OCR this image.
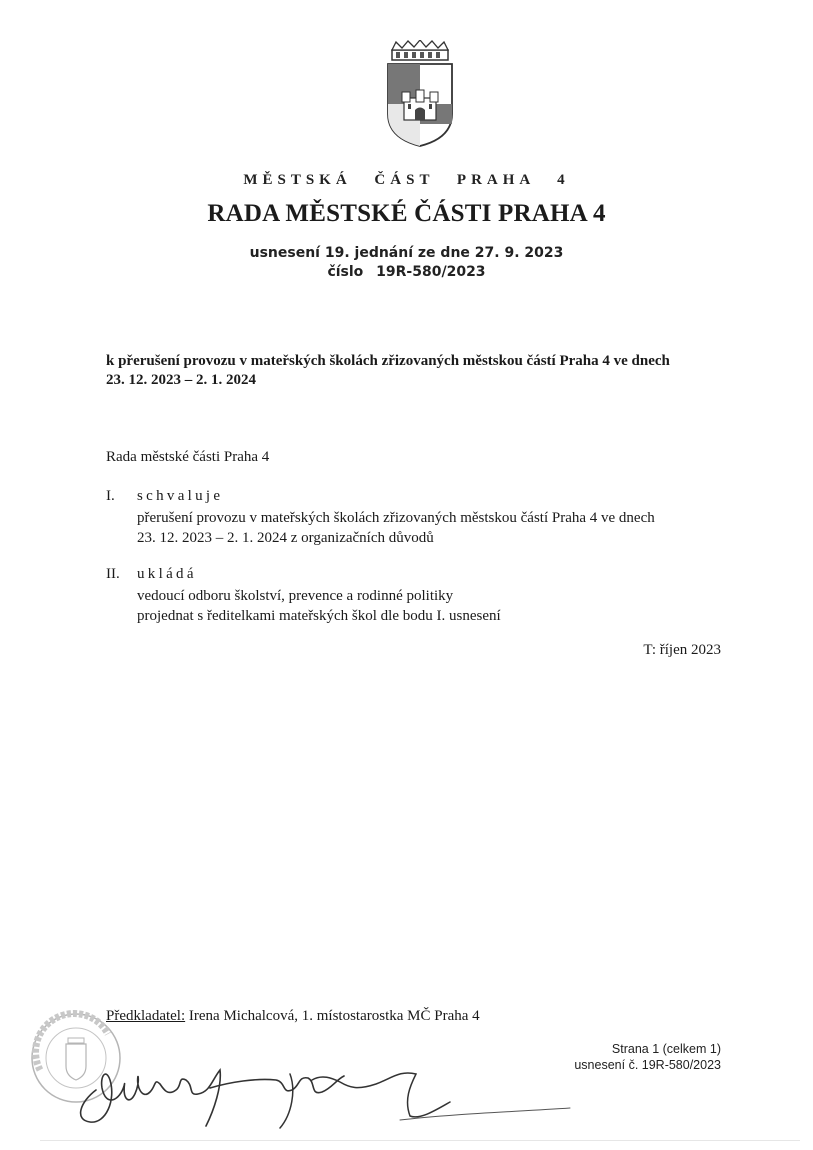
MĚSTSKÁ ČÁST PRAHA 4
RADA MĚSTSKÉ ČÁSTI PRAHA 4
usnesení 19. jednání ze dne 27. 9. 2023
číslo 19R-580/2023
k přerušení provozu v mateřských školách zřizovaných městskou částí Praha 4 ve dnech
23. 12. 2023 – 2. 1. 2024
Rada městské části Praha 4
I. schvaluje
přerušení provozu v mateřských školách zřizovaných městskou částí Praha 4 ve dnech
23. 12. 2023 – 2. 1. 2024 z organizačních důvodů
II. ukládá
vedoucí odboru školství, prevence a rodinné politiky
projednat s ředitelkami mateřských škol dle bodu I. usnesení
T: říjen 2023
Předkladatel: Irena Michalcová, 1. místostarostka MČ Praha 4
Strana 1 (celkem 1)
usnesení č. 19R-580/2023
